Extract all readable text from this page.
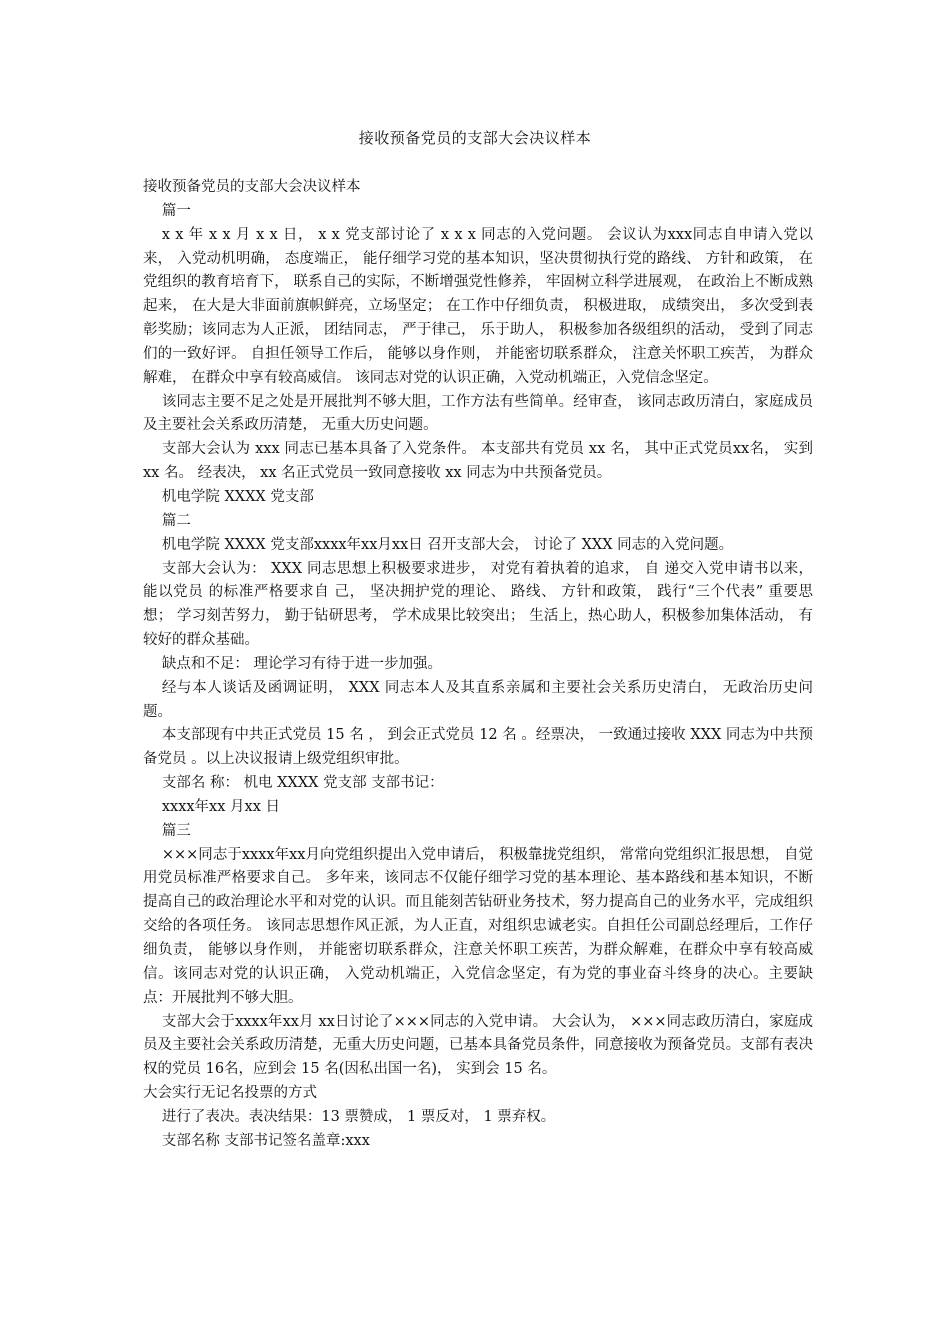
接收预备党员的支部大会决议样本

接收预备党员的支部大会决议样本

篇一

x x 年 x x 月 x x 日， x x 党支部讨论了 x x x 同志的入党问题。 会议认为xxx同志自申请入党以来， 入党动机明确， 态度端正， 能仔细学习党的基本知识，坚决贯彻执行党的路线、 方针和政策， 在党组织的教育培育下， 联系自己的实际，不断增强党性修养， 牢固树立科学进展观， 在政治上不断成熟起来， 在大是大非面前旗帜鲜亮，立场坚定； 在工作中仔细负责， 积极进取， 成绩突出， 多次受到表彰奖励；该同志为人正派， 团结同志， 严于律己， 乐于助人， 积极参加各级组织的活动， 受到了同志们的一致好评。 自担任领导工作后， 能够以身作则， 并能密切联系群众， 注意关怀职工疾苦， 为群众解难， 在群众中享有较高威信。 该同志对党的认识正确，入党动机端正，入党信念坚定。

该同志主要不足之处是开展批判不够大胆，工作方法有些简单。经审查， 该同志政历清白，家庭成员及主要社会关系政历清楚， 无重大历史问题。

支部大会认为 xxx 同志已基本具备了入党条件。 本支部共有党员 xx 名， 其中正式党员xx名， 实到 xx 名。 经表决， xx 名正式党员一致同意接收 xx 同志为中共预备党员。

机电学院 XXXX 党支部

篇二

机电学院 XXXX 党支部xxxx年xx月xx日 召开支部大会， 讨论了 XXX 同志的入党问题。

支部大会认为： XXX 同志思想上积极要求进步， 对党有着执着的追求， 自 递交入党申请书以来， 能以党员 的标准严格要求自 己， 坚决拥护党的理论、 路线、 方针和政策， 践行“三个代表” 重要思想； 学习刻苦努力， 勤于钻研思考， 学术成果比较突出； 生活上，热心助人，积极参加集体活动， 有较好的群众基础。

缺点和不足： 理论学习有待于进一步加强。

经与本人谈话及函调证明， XXX 同志本人及其直系亲属和主要社会关系历史清白， 无政治历史问题。

本支部现有中共正式党员 15 名 ， 到会正式党员 12 名 。经票决， 一致通过接收 XXX 同志为中共预备党员 。以上决议报请上级党组织审批。

支部名 称： 机电 XXXX 党支部 支部书记：

xxxx年xx 月xx 日

篇三

×××同志于xxxx年xx月向党组织提出入党申请后， 积极靠拢党组织， 常常向党组织汇报思想， 自觉用党员标准严格要求自己。 多年来，该同志不仅能仔细学习党的基本理论、基本路线和基本知识，不断提高自己的政治理论水平和对党的认识。而且能刻苦钻研业务技术，努力提高自己的业务水平，完成组织交给的各项任务。 该同志思想作风正派，为人正直，对组织忠诚老实。自担任公司副总经理后，工作仔细负责， 能够以身作则， 并能密切联系群众，注意关怀职工疾苦，为群众解难，在群众中享有较高威信。该同志对党的认识正确， 入党动机端正，入党信念坚定，有为党的事业奋斗终身的决心。主要缺点：开展批判不够大胆。

支部大会于xxxx年xx月 xx日讨论了×××同志的入党申请。 大会认为， ×××同志政历清白，家庭成员及主要社会关系政历清楚，无重大历史问题，已基本具备党员条件，同意接收为预备党员。支部有表决权的党员 16名，应到会 15 名(因私出国一名)， 实到会 15 名。

大会实行无记名投票的方式

进行了表决。表决结果：13 票赞成， 1 票反对， 1 票弃权。

支部名称 支部书记签名盖章:xxx
